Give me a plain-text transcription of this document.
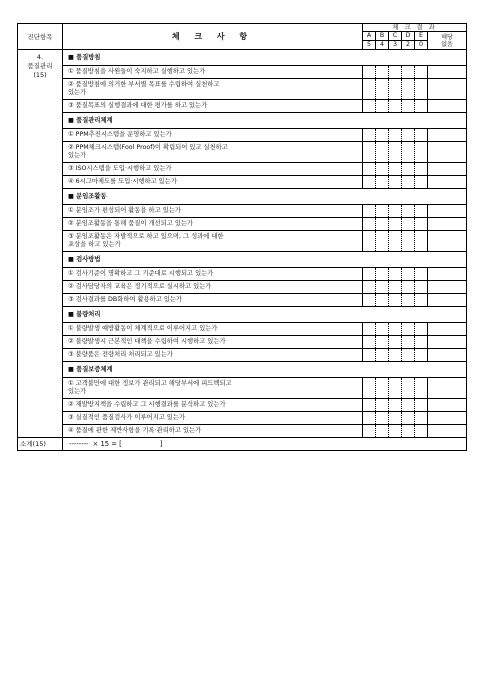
진단항목	체 크 사 항	체 크 결 과					
		A	B	C	D	E	해당
없음
		5	4	3	2	0	

4.
품질관리
(15)	■ 품질방침						

	① 품질방침을 사원들이 숙지하고 실행하고 있는가						

	② 품질방침에 의거한 부서별 목표를 수립하여 실천하고
있는가						

	③ 품질목표의 실행결과에 대한 평가를 하고 있는가						

	■ 품질관리체계						

	① PPM추진시스템을 운영하고 있는가						

	② PPM체크시스템(Fool Proof)이 확립되어 있고 실천하고
있는가						

	③ ISO시스템을 도입·시행하고 있는가						

	④ 6시그마제도를 도입·시행하고 있는가						

	■ 분임조활동						

	① 분임조가 편성되어 활동을 하고 있는가						

	② 분임조활동을 통해 품질이 개선되고 있는가						

	③ 분임조활동은 자발적으로 하고 있으며, 그 성과에 대한
포상을 하고 있는가						

	■ 검사방법						

	① 검사기준이 명확하고 그 기준대로 시행되고 있는가						

	② 검사담당자의 교육은 정기적으로 실시하고 있는가						

	③ 검사결과를 DB화하여 활용하고 있는가						

	■ 불량처리						

	① 불량발생 예방활동이 체계적으로 이루어지고 있는가						

	② 불량발생시 근본적인 대책을 수립하여 시행하고 있는가						

	③ 불량품은 전량처리 처리되고 있는가						

	■ 품질보증체계						

	① 고객불만에 대한 정보가 관리되고 해당부서에 피드백되고
있는가						

	② 재발방지책을 수립하고 그 시행결과를 분석하고 있는가						

	③ 실질적인 품질검사가 이루어지고 있는가						

	④ 품질에 관한 제반사항을 기록·관리하고 있는가						

소계(15)	-------- × 15 = [ ]						
